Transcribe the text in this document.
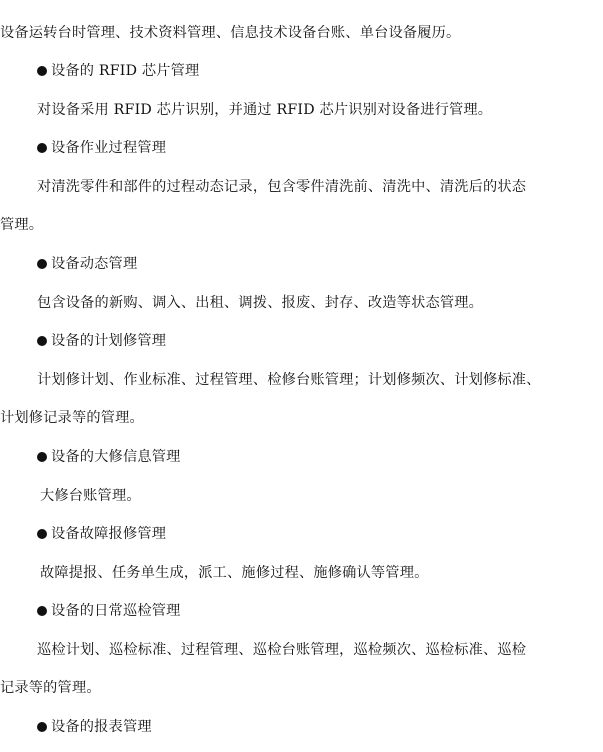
设备运转台时管理、技术资料管理、信息技术设备台账、单台设备履历。
设备的 RFID 芯片管理
对设备采用 RFID 芯片识别，并通过 RFID 芯片识别对设备进行管理。
设备作业过程管理
对清洗零件和部件的过程动态记录，包含零件清洗前、清洗中、清洗后的状态
管理。
设备动态管理
包含设备的新购、调入、出租、调拨、报废、封存、改造等状态管理。
设备的计划修管理
计划修计划、作业标准、过程管理、检修台账管理；计划修频次、计划修标准、
计划修记录等的管理。
设备的大修信息管理
大修台账管理。
设备故障报修管理
故障提报、任务单生成，派工、施修过程、施修确认等管理。
设备的日常巡检管理
巡检计划、巡检标准、过程管理、巡检台账管理，巡检频次、巡检标准、巡检
记录等的管理。
设备的报表管理
